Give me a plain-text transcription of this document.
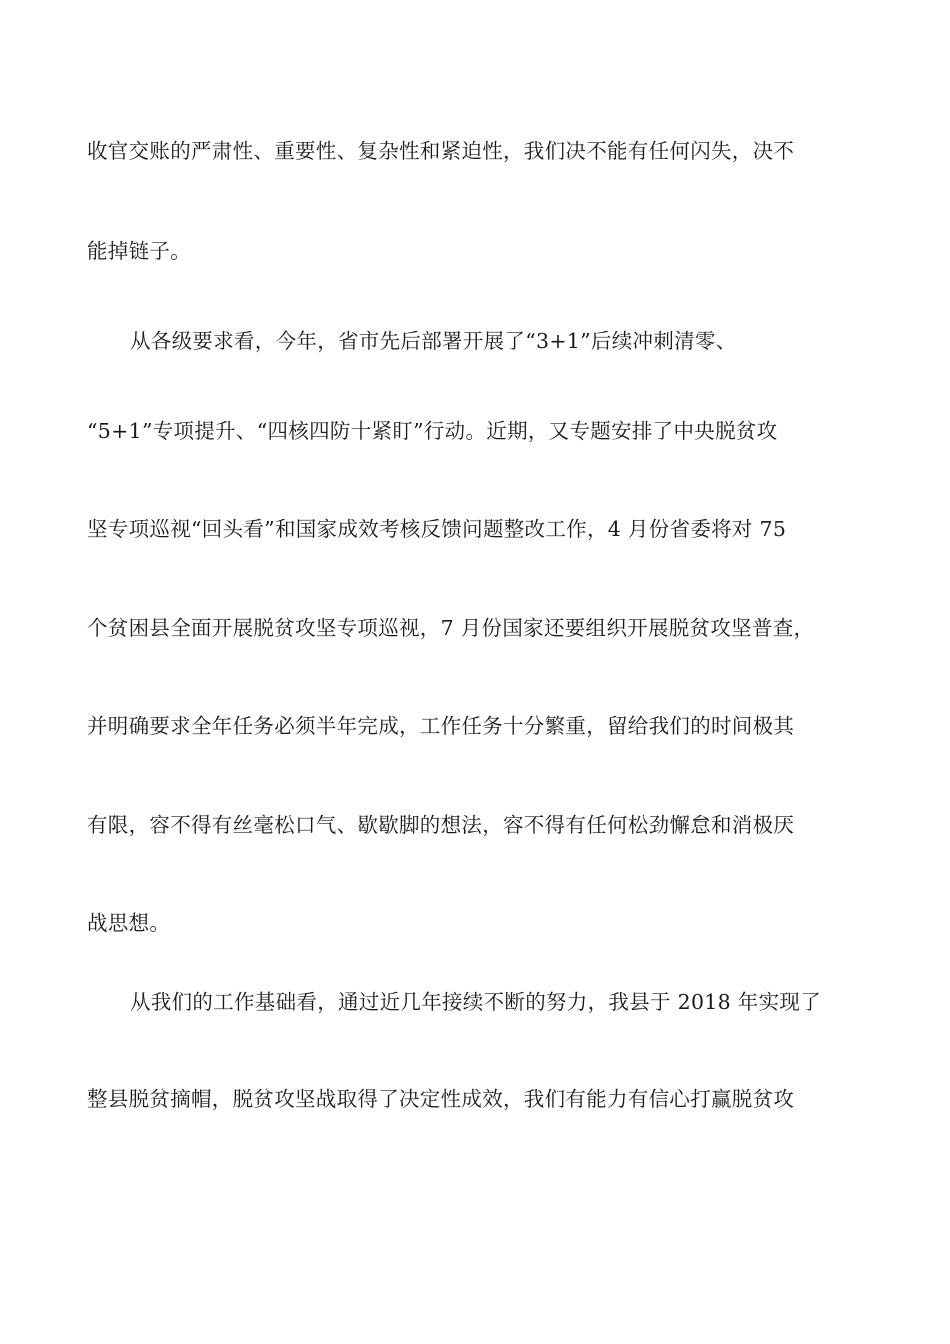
收官交账的严肃性、重要性、复杂性和紧迫性，我们决不能有任何闪失，决不
能掉链子。
从各级要求看，今年，省市先后部署开展了“3+1”后续冲刺清零、
“5+1”专项提升、“四核四防十紧盯”行动。近期，又专题安排了中央脱贫攻
坚专项巡视“回头看”和国家成效考核反馈问题整改工作，4 月份省委将对 75
个贫困县全面开展脱贫攻坚专项巡视，7 月份国家还要组织开展脱贫攻坚普查，
并明确要求全年任务必须半年完成，工作任务十分繁重，留给我们的时间极其
有限，容不得有丝毫松口气、歇歇脚的想法，容不得有任何松劲懈怠和消极厌
战思想。
从我们的工作基础看，通过近几年接续不断的努力，我县于 2018 年实现了
整县脱贫摘帽，脱贫攻坚战取得了决定性成效，我们有能力有信心打赢脱贫攻
